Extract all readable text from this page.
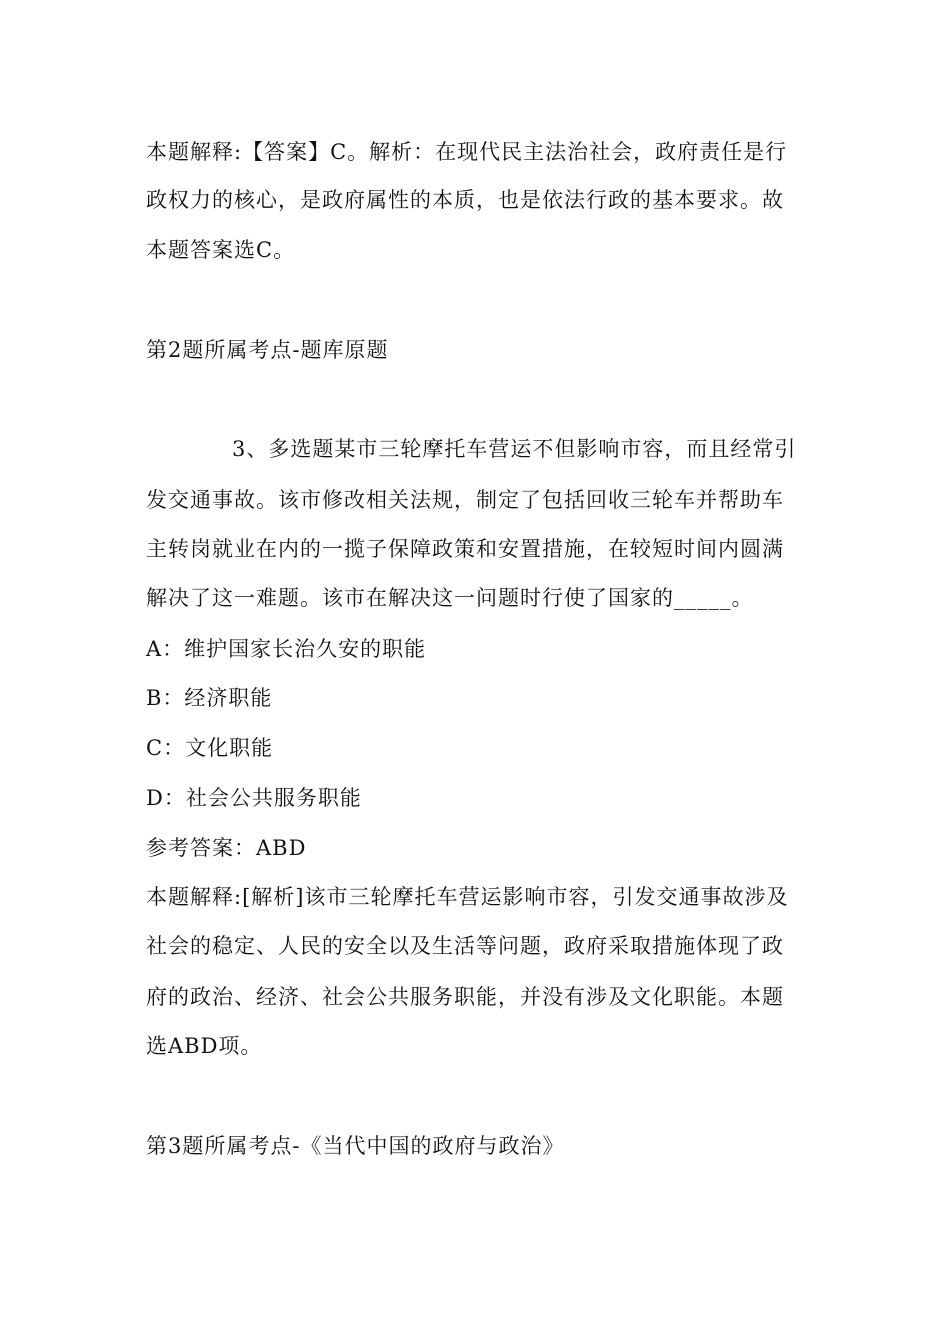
本题解释:【答案】C。解析：在现代民主法治社会，政府责任是行
政权力的核心，是政府属性的本质，也是依法行政的基本要求。故
本题答案选C。
第2题所属考点-题库原题
3、多选题某市三轮摩托车营运不但影响市容，而且经常引
发交通事故。该市修改相关法规，制定了包括回收三轮车并帮助车
主转岗就业在内的一揽子保障政策和安置措施，在较短时间内圆满
解决了这一难题。该市在解决这一问题时行使了国家的_____。
A：维护国家长治久安的职能
B：经济职能
C：文化职能
D：社会公共服务职能
参考答案：ABD
本题解释:[解析]该市三轮摩托车营运影响市容，引发交通事故涉及
社会的稳定、人民的安全以及生活等问题，政府采取措施体现了政
府的政治、经济、社会公共服务职能，并没有涉及文化职能。本题
选ABD项。
第3题所属考点-《当代中国的政府与政治》
